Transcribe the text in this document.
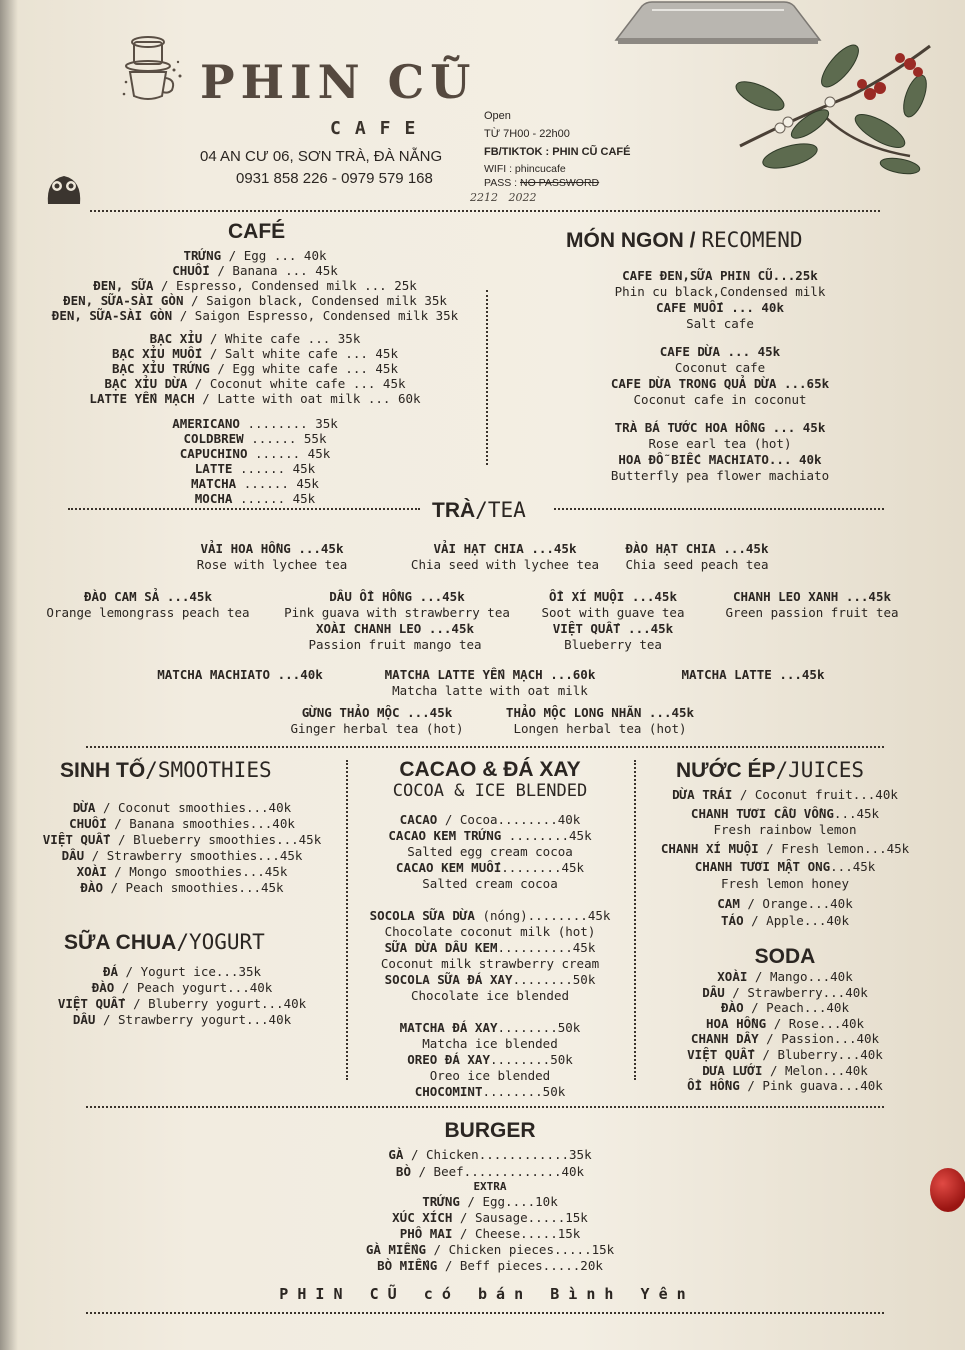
PHIN CŨ
CAFE
04 AN CƯ 06, SƠN TRÀ, ĐÀ NẴNG
0931 858 226 - 0979 579 168
Open
TỪ 7H00 - 22h00
FB/TIKTOK : PHIN CŨ CAFÉ
WIFI : phincucafe
PASS : NO PASSWORD
2212   2022
CAFÉ
TRỨNG / Egg ... 40k
CHUỐI / Banana ... 45k
ĐEN, SỮA / Espresso, Condensed milk ... 25k
ĐEN, SỮA-SÀI GÒN / Saigon black, Condensed milk 35k
ĐEN, SỮA-SÀI GÒN / Saigon Espresso, Condensed milk 35k
BẠC XỈU / White cafe ... 35k
BẠC XỈU MUỐI / Salt white cafe ... 45k
BẠC XỈU TRỨNG / Egg white cafe ... 45k
BẠC XỈU DỪA / Coconut white cafe ... 45k
LATTE YẾN MẠCH / Latte with oat milk ... 60k
AMERICANO ........ 35k
COLDBREW ...... 55k
CAPUCHINO ...... 45k
LATTE ...... 45k
MATCHA ...... 45k
MOCHA ...... 45k
MÓN NGON / RECOMEND
CAFE ĐEN,SỮA PHIN CŨ...25k
Phin cu black,Condensed milk
CAFE MUỐI ... 40k
Salt cafe
CAFE DỪA ... 45k
Coconut cafe
CAFE DỪA TRONG QUẢ DỪA ...65k
Coconut cafe in coconut
TRÀ BÁ TƯỚC HOA HỒNG ... 45k
Rose earl tea (hot)
HOA ĐỖ BIẾC MACHIATO... 40k
Butterfly pea flower machiato
TRÀ/TEA
VẢI HOA HỒNG ...45k
Rose with lychee tea
VẢI HẠT CHIA ...45k
Chia seed with lychee tea
ĐÀO HẠT CHIA ...45k
Chia seed peach tea
ĐÀO CAM SẢ ...45k
Orange lemongrass peach tea
DÂU ỔI HỒNG ...45k
Pink guava with strawberry tea
ỔI XÍ MUỘI ...45k
Soot with guave tea
CHANH LEO XANH ...45k
Green passion fruit tea
XOÀI CHANH LEO ...45k
Passion fruit mango tea
VIỆT QUẤT ...45k
Blueberry tea
MATCHA MACHIATO ...40k	MATCHA LATTE YẾN MẠCH ...60k
Matcha latte with oat milk
MATCHA LATTE ...45k
GỪNG THẢO MỘC ...45k
Ginger herbal tea (hot)
THẢO MỘC LONG NHÃN ...45k
Longen herbal tea (hot)
SINH TỐ/SMOOTHIES
DỪA / Coconut smoothies...40k
CHUỐI / Banana smoothies...40k
VIỆT QUẤT / Blueberry smoothies...45k
DÂU / Strawberry smoothies...45k
XOÀI / Mongo smoothies...45k
ĐÀO / Peach smoothies...45k
SỮA CHUA/YOGURT
ĐÁ / Yogurt ice...35k
ĐÀO / Peach yogurt...40k
VIỆT QUẤT / Bluberry yogurt...40k
DÂU / Strawberry yogurt...40k
CACAO & ĐÁ XAY
COCOA & ICE BLENDED
CACAO / Cocoa........40k
CACAO KEM TRỨNG ........45k
Salted egg cream cocoa
CACAO KEM MUỐI........45k
Salted cream cocoa
SOCOLA SỮA DỪA (nóng)........45k
Chocolate coconut milk (hot)
SỮA DỪA DÂU KEM..........45k
Coconut milk strawberry cream
SOCOLA SỮA ĐÁ XAY........50k
Chocolate ice blended
MATCHA ĐÁ XAY........50k
Matcha ice blended
OREO ĐÁ XAY........50k
Oreo ice blended
CHOCOMINT........50k
NƯỚC ÉP/JUICES
DỪA TRÁI / Coconut fruit...40k
CHANH TƯƠI CẦU VỒNG...45k
Fresh rainbow lemon
CHANH XÍ MUỘI / Fresh lemon...45k
CHANH TƯƠI MẬT ONG...45k
Fresh lemon honey
CAM / Orange...40k
TÁO / Apple...40k
SODA
XOÀI / Mango...40k
DÂU / Strawberry...40k
ĐÀO / Peach...40k
HOA HỒNG / Rose...40k
CHANH DÂY / Passion...40k
VIỆT QUẤT / Bluberry...40k
DƯA LƯỚI / Melon...40k
ỔI HỒNG / Pink guava...40k
BURGER
GÀ / Chicken............35k
BÒ / Beef.............40k
EXTRA
TRỨNG / Egg....10k
XÚC XÍCH / Sausage.....15k
PHÔ MAI / Cheese.....15k
GÀ MIẾNG / Chicken pieces.....15k
BÒ MIẾNG / Beff pieces.....20k
P H I N   C Ũ   c ó   b á n   B ì n h   Y ê n
